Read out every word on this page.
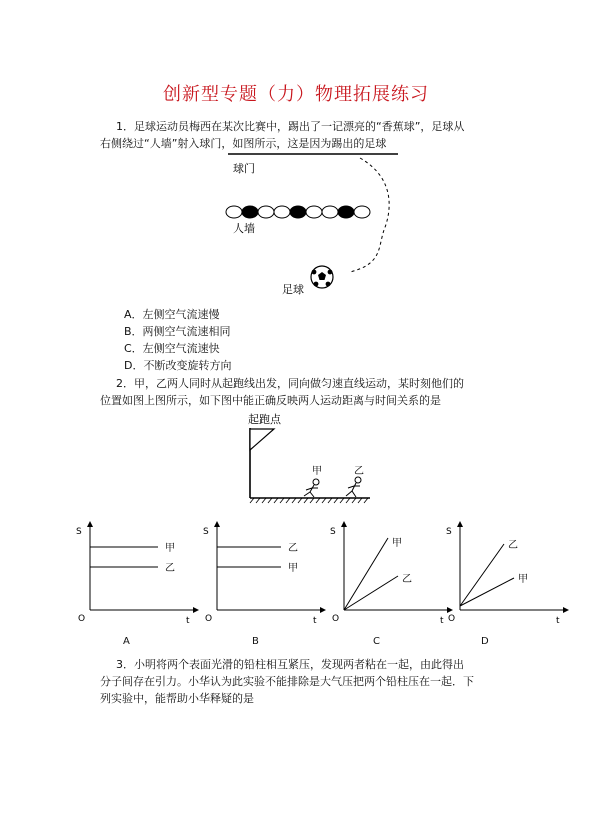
创新型专题（力）物理拓展练习
1．足球运动员梅西在某次比赛中，踢出了一记漂亮的“香蕉球”，足球从
右侧绕过“人墙”射入球门，如图所示，这是因为踢出的足球
球门
人墙
足球
A．左侧空气流速慢
B．两侧空气流速相同
C．左侧空气流速快
D．不断改变旋转方向
2．甲，乙两人同时从起跑线出发，同向做匀速直线运动，某时刻他们的
位置如图上图所示，如下图中能正确反映两人运动距离与时间关系的是
起跑点
甲	乙
S
t
O
甲
乙
A
S
t
O
乙
甲
B
S
t
O
甲
乙
C
S
t
O
乙
甲
D
3．小明将两个表面光滑的铅柱相互紧压，发现两者粘在一起，由此得出
分子间存在引力。小华认为此实验不能排除是大气压把两个铅柱压在一起．下
列实验中，能帮助小华释疑的是
